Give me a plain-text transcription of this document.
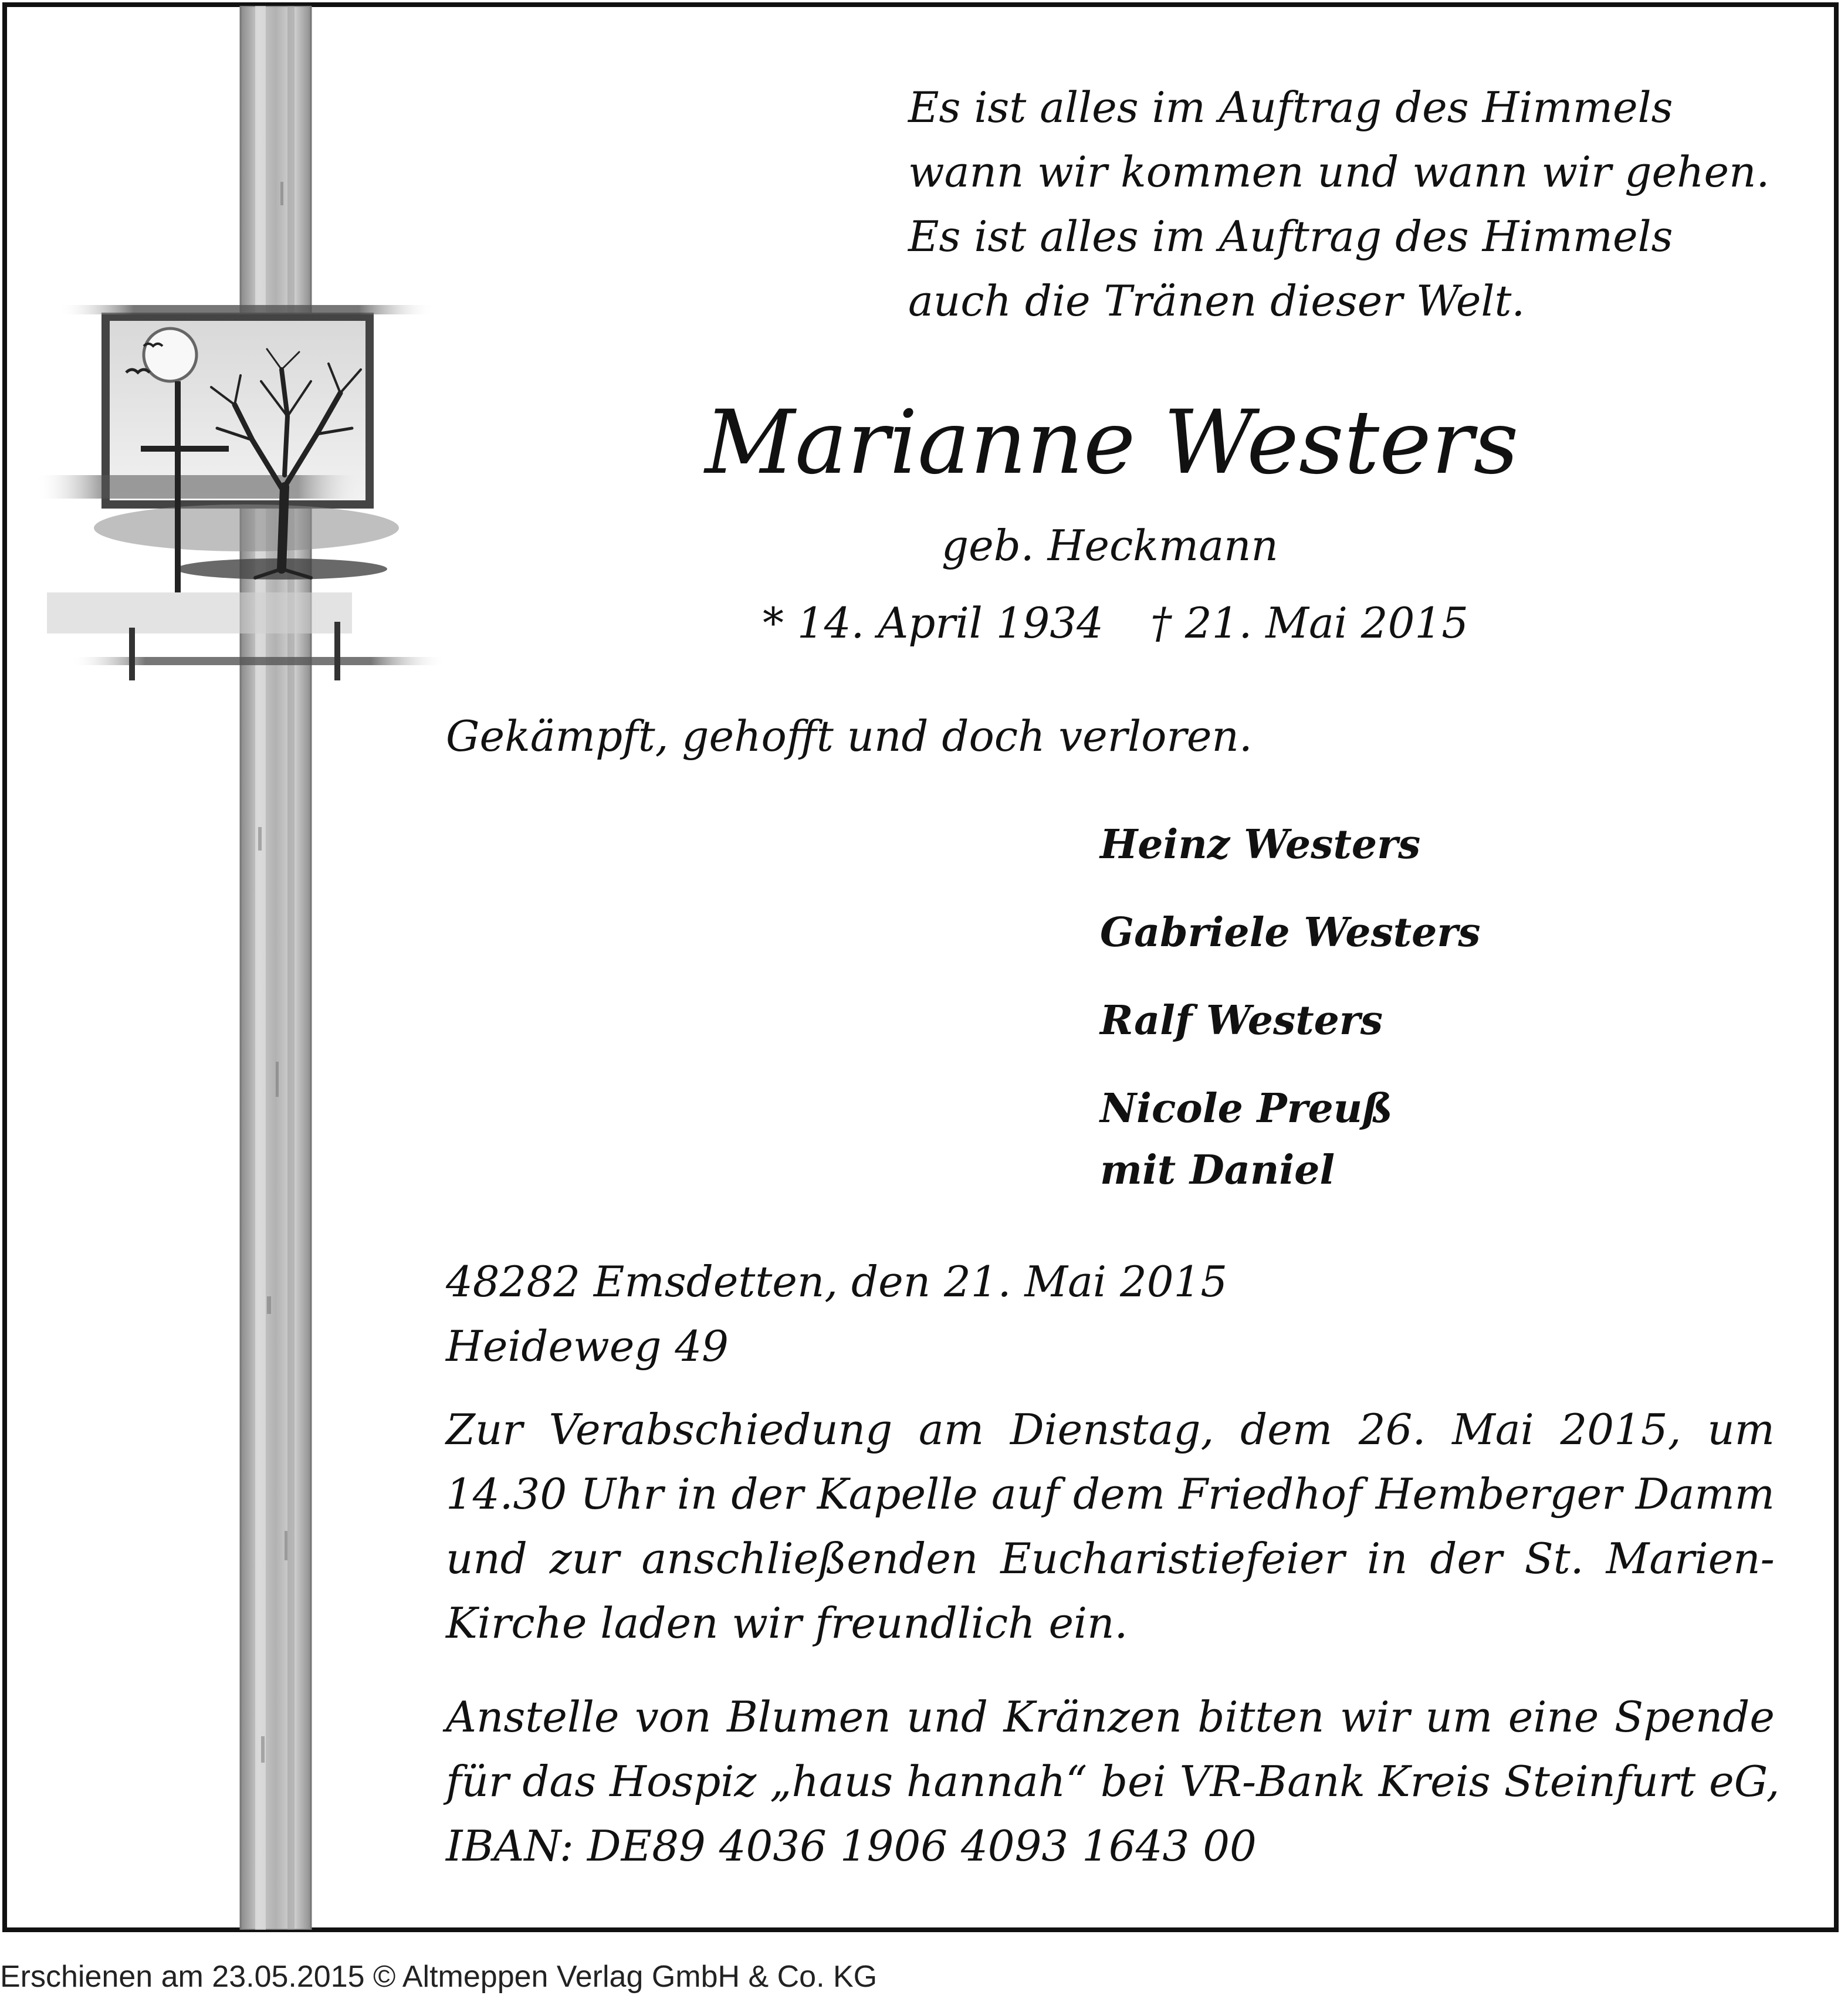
Es ist alles im Auftrag des Himmels
wann wir kommen und wann wir gehen.
Es ist alles im Auftrag des Himmels
auch die Tränen dieser Welt.
Marianne Westers
geb. Heckmann
* 14. April 1934 † 21. Mai 2015
Gekämpft, gehofft und doch verloren.
Heinz Westers
Gabriele Westers
Ralf Westers
Nicole Preuß
mit Daniel
48282 Emsdetten, den 21. Mai 2015
Heideweg 49
Zur Verabschiedung am Dienstag, dem 26. Mai 2015, um
14.30 Uhr in der Kapelle auf dem Friedhof Hemberger Damm
und zur anschließenden Eucharistiefeier in der St. Marien-
Kirche laden wir freundlich ein.
Anstelle von Blumen und Kränzen bitten wir um eine Spende
für das Hospiz „haus hannah“ bei VR-Bank Kreis Steinfurt eG,
IBAN: DE89 4036 1906 4093 1643 00
Erschienen am 23.05.2015 © Altmeppen Verlag GmbH & Co. KG
